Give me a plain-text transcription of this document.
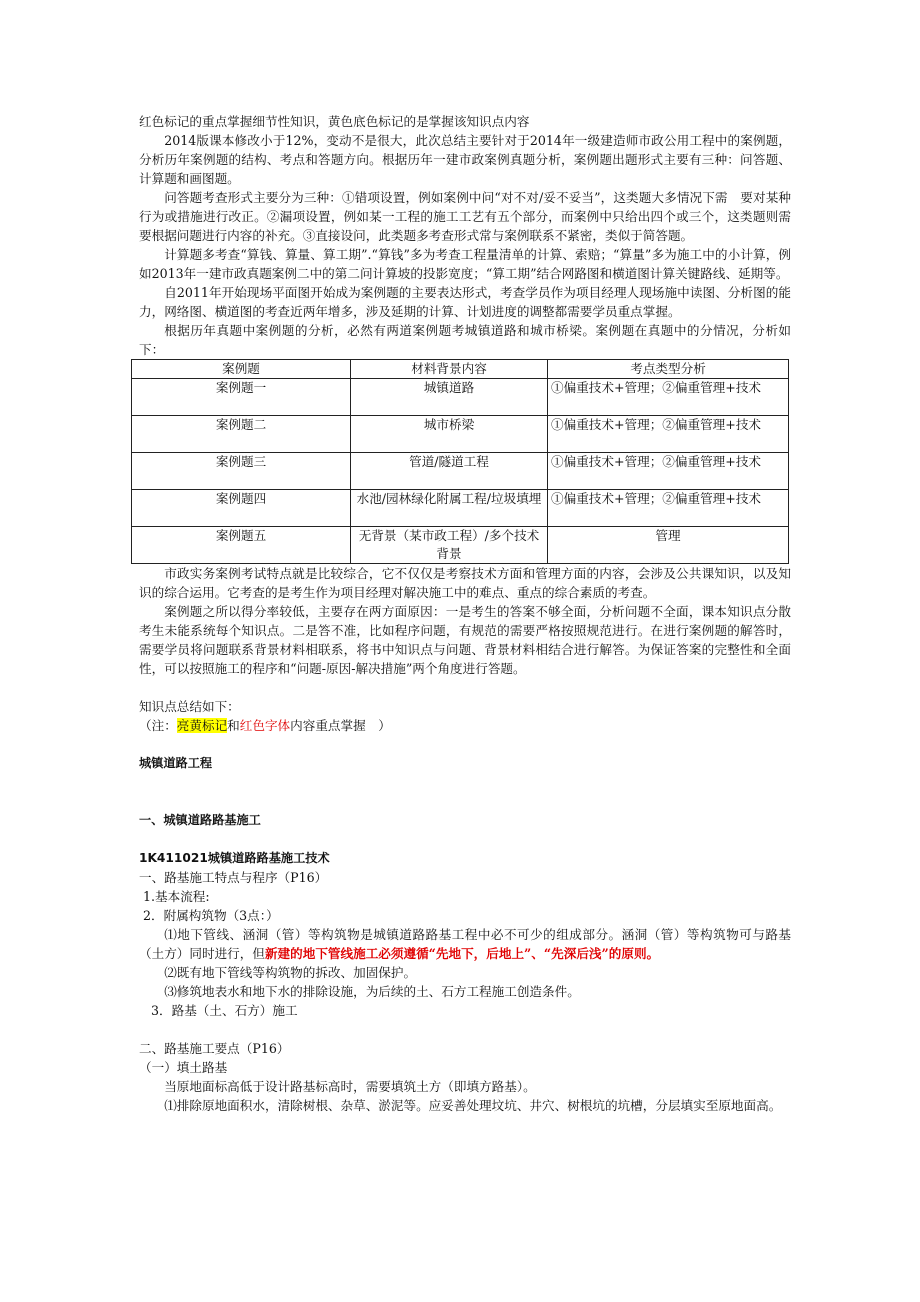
红色标记的重点掌握细节性知识，黄色底色标记的是掌握该知识点内容

2014版课本修改小于12%，变动不是很大，此次总结主要针对于2014年一级建造师市政公用工程中的案例题，分析历年案例题的结构、考点和答题方向。根据历年一建市政案例真题分析，案例题出题形式主要有三种：问答题、计算题和画图题。

问答题考查形式主要分为三种：①错项设置，例如案例中问“对不对/妥不妥当”，这类题大多情况下需　要对某种行为或措施进行改正。②漏项设置，例如某一工程的施工工艺有五个部分，而案例中只给出四个或三个，这类题则需要根据问题进行内容的补充。③直接设问，此类题多考查形式常与案例联系不紧密，类似于简答题。

计算题多考查“算钱、算量、算工期”.“算钱”多为考查工程量清单的计算、索赔；“算量”多为施工中的小计算，例如2013年一建市政真题案例二中的第二问计算坡的投影宽度；“算工期”结合网路图和横道图计算关键路线、延期等。

自2011年开始现场平面图开始成为案例题的主要表达形式，考查学员作为项目经理人现场施中读图、分析图的能力，网络图、横道图的考查近两年增多，涉及延期的计算、计划进度的调整都需要学员重点掌握。

根据历年真题中案例题的分析，必然有两道案例题考城镇道路和城市桥梁。案例题在真题中的分情况，分析如下：

案例题	材料背景内容	考点类型分析
案例题一	城镇道路	①偏重技术+管理；②偏重管理+技术
案例题二	城市桥梁	①偏重技术+管理；②偏重管理+技术
案例题三	管道/隧道工程	①偏重技术+管理；②偏重管理+技术
案例题四	水池/园林绿化附属工程/垃圾填埋	①偏重技术+管理；②偏重管理+技术
案例题五	无背景（某市政工程）/多个技术背景	管理

市政实务案例考试特点就是比较综合，它不仅仅是考察技术方面和管理方面的内容，会涉及公共课知识，以及知识的综合运用。它考查的是考生作为项目经理对解决施工中的难点、重点的综合素质的考查。

案例题之所以得分率较低，主要存在两方面原因：一是考生的答案不够全面，分析问题不全面，课本知识点分散考生未能系统每个知识点。二是答不准，比如程序问题，有规范的需要严格按照规范进行。在进行案例题的解答时，需要学员将问题联系背景材料相联系，将书中知识点与问题、背景材料相结合进行解答。为保证答案的完整性和全面性，可以按照施工的程序和“问题-原因-解决措施”两个角度进行答题。

知识点总结如下：

（注：亮黄标记和红色字体内容重点掌握　）

城镇道路工程

一、城镇道路路基施工

1K411021城镇道路路基施工技术

一、路基施工特点与程序（P16）

1.基本流程:

2．附属构筑物（3点：）

⑴地下管线、涵洞（管）等构筑物是城镇道路路基工程中必不可少的组成部分。涵洞（管）等构筑物可与路基（土方）同时进行，但新建的地下管线施工必须遵循“先地下，后地上”、“先深后浅”的原则。

⑵既有地下管线等构筑物的拆改、加固保护。

⑶修筑地表水和地下水的排除设施，为后续的土、石方工程施工创造条件。

3．路基（土、石方）施工

二、路基施工要点（P16）

（一）填土路基

当原地面标高低于设计路基标高时，需要填筑土方（即填方路基）。

⑴排除原地面积水，清除树根、杂草、淤泥等。应妥善处理坟坑、井穴、树根坑的坑槽，分层填实至原地面高。
